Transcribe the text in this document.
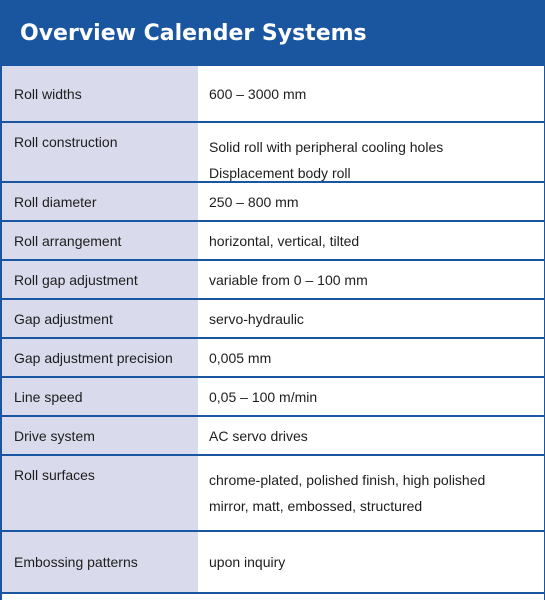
Overview Calender Systems
Roll widths	600 – 3000 mm
Roll construction	Solid roll with peripheral cooling holes
Displacement body roll
Roll diameter	250 – 800 mm
Roll arrangement	horizontal, vertical, tilted
Roll gap adjustment	variable from 0 – 100 mm
Gap adjustment	servo-hydraulic
Gap adjustment precision	0,005 mm
Line speed	0,05 – 100 m/min
Drive system	AC servo drives
Roll surfaces	chrome-plated, polished finish, high polished
mirror, matt, embossed, structured
Embossing patterns	upon inquiry
